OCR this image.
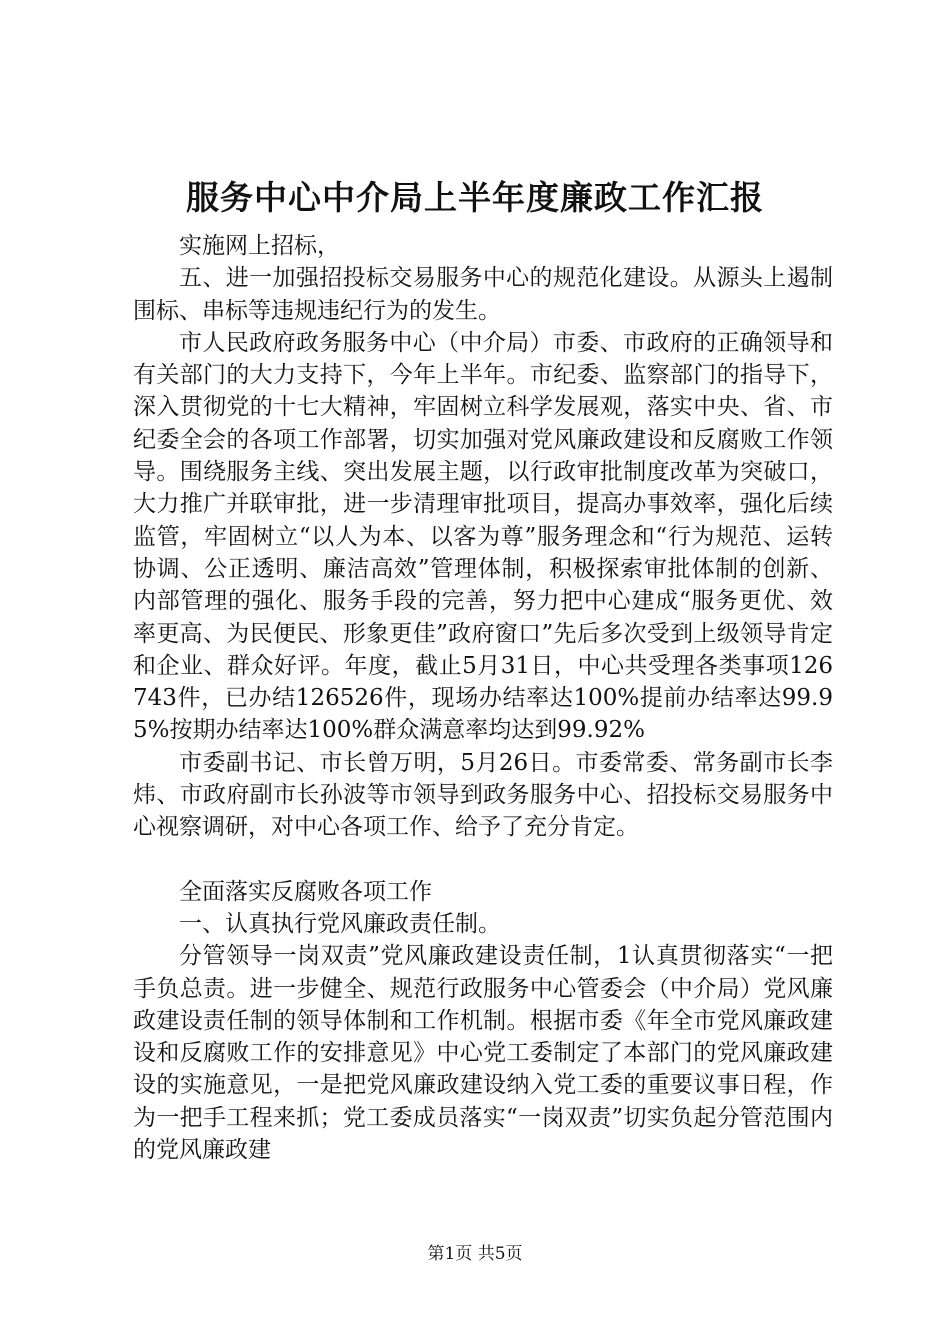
服务中心中介局上半年度廉政工作汇报

实施网上招标，

五、进一加强招投标交易服务中心的规范化建设。从源头上遏制围标、串标等违规违纪行为的发生。

市人民政府政务服务中心（中介局）市委、市政府的正确领导和有关部门的大力支持下，今年上半年。市纪委、监察部门的指导下，深入贯彻党的十七大精神，牢固树立科学发展观，落实中央、省、市纪委全会的各项工作部署，切实加强对党风廉政建设和反腐败工作领导。围绕服务主线、突出发展主题，以行政审批制度改革为突破口，大力推广并联审批，进一步清理审批项目，提高办事效率，强化后续监管，牢固树立“以人为本、以客为尊”服务理念和“行为规范、运转协调、公正透明、廉洁高效”管理体制，积极探索审批体制的创新、内部管理的强化、服务手段的完善，努力把中心建成“服务更优、效率更高、为民便民、形象更佳”政府窗口”先后多次受到上级领导肯定和企业、群众好评。年度，截止5月31日，中心共受理各类事项126743件，已办结126526件，现场办结率达100%提前办结率达99.95%按期办结率达100%群众满意率均达到99.92%

市委副书记、市长曾万明，5月26日。市委常委、常务副市长李炜、市政府副市长孙波等市领导到政务服务中心、招投标交易服务中心视察调研，对中心各项工作、给予了充分肯定。

全面落实反腐败各项工作

一、认真执行党风廉政责任制。

分管领导一岗双责”党风廉政建设责任制，1认真贯彻落实“一把手负总责。进一步健全、规范行政服务中心管委会（中介局）党风廉政建设责任制的领导体制和工作机制。根据市委《年全市党风廉政建设和反腐败工作的安排意见》中心党工委制定了本部门的党风廉政建设的实施意见，一是把党风廉政建设纳入党工委的重要议事日程，作为一把手工程来抓；党工委成员落实“一岗双责”切实负起分管范围内的党风廉政建

第1页 共5页
